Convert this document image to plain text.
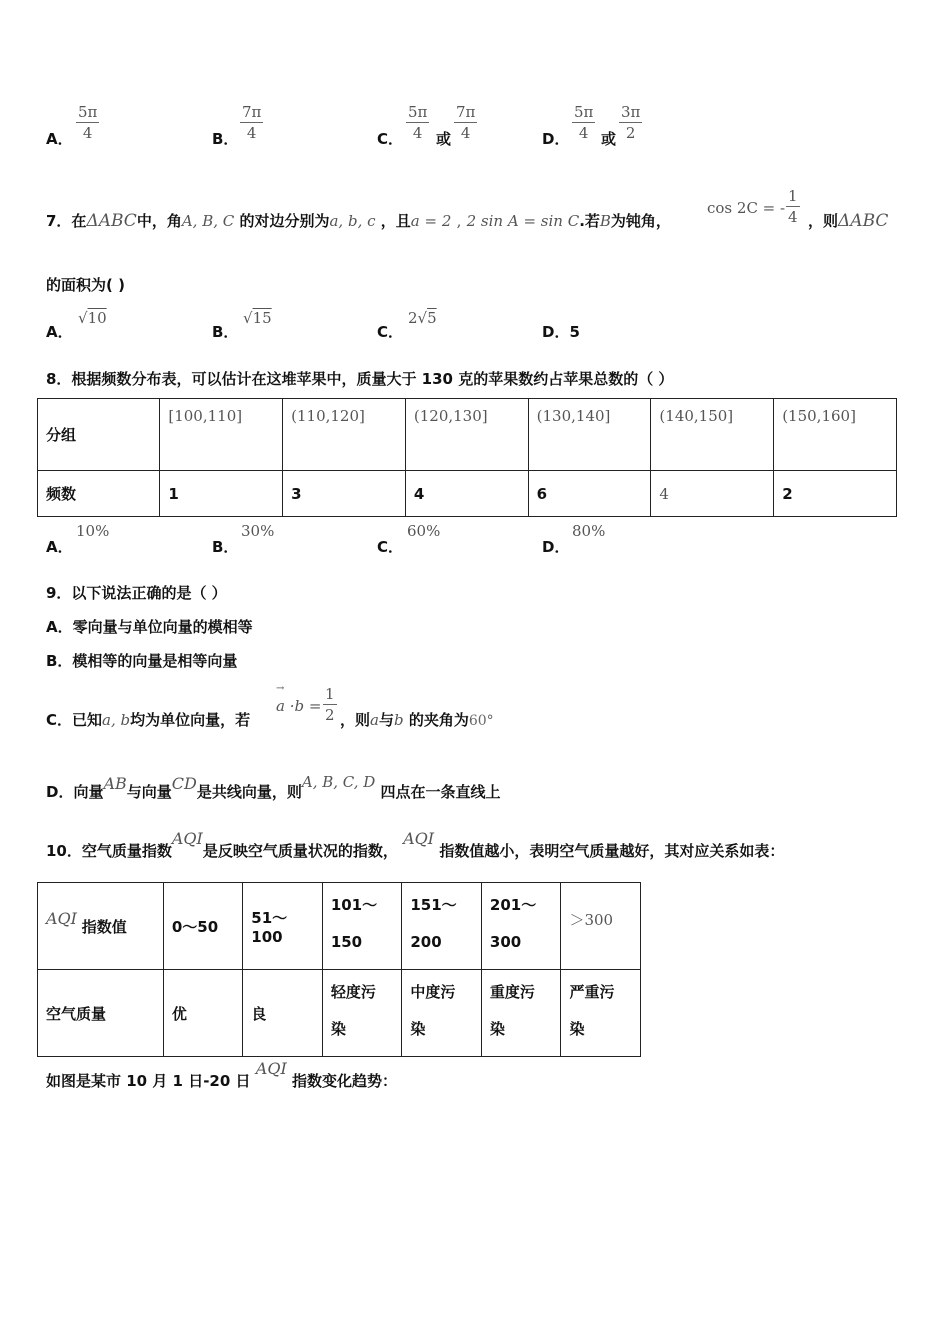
A． $\frac{5\pi}{4}$	B． $\frac{7\pi}{4}$	C． $\frac{5\pi}{4}$ 或 $\frac{7\pi}{4}$	D． $\frac{5\pi}{4}$ 或 $\frac{3\pi}{2}$
7．在ΔABC中，角A, B, C 的对边分别为a, b, c ，且a = 2 , 2 sin A = sin C.若B为钝角，
cos 2C = - $\frac{1}{4}$ ，则ΔABC
的面积为( )
A．
√10
B．
√15
C．
2√5
D．5
8．根据频数分布表，可以估计在这堆苹果中，质量大于 130 克的苹果数约占苹果总数的（ ）
分组	[100,110]	(110,120]	(120,130]	(130,140]	(140,150]	(150,160]
频数	1	3	4	6	4	2
A．
10%
B．
30%
C．
60%
D．
80%
9．以下说法正确的是（ ）
A．零向量与单位向量的模相等
B．模相等的向量是相等向量
C．已知a, b均为单位向量，若
→ $a \cdot b = \frac{1}{2}$ ，则a与b 的夹角为60°
D．向量AB与向量CD是共线向量，则A, B, C, D 四点在一条直线上
10．空气质量指数AQI是反映空气质量状况的指数， AQI 指数值越小，表明空气质量越好，其对应关系如表：
AQI 指数值	0～50	51～100	101～
150	151～
200	201～
300	＞300
空气质量	优	良	轻度污
染	中度污
染	重度污
染	严重污
染
如图是某市 10 月 1 日-20 日 AQI 指数变化趋势：
